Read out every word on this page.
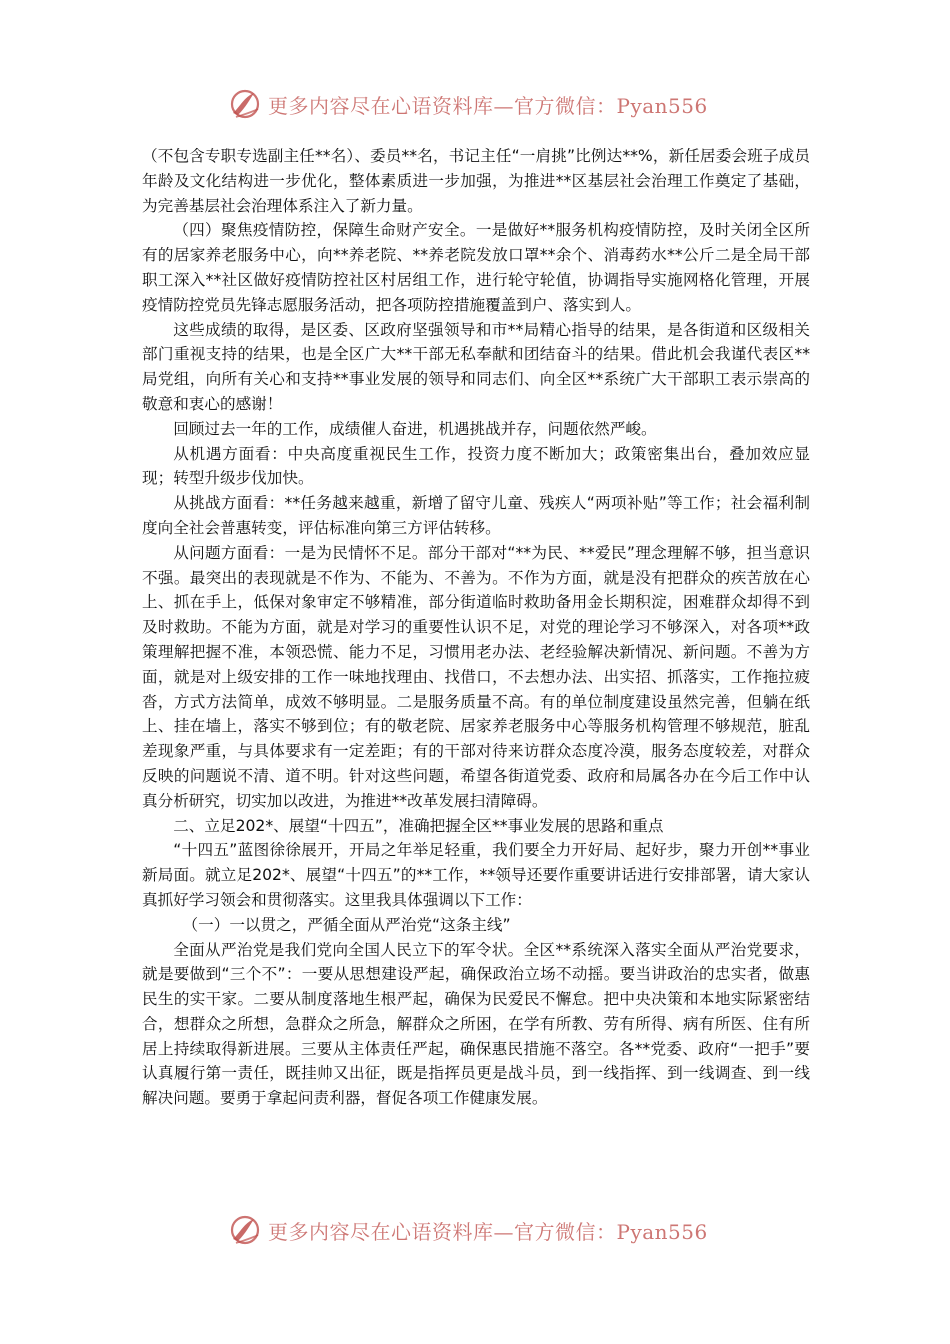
更多内容尽在心语资料库—官方微信：Pyan556

（不包含专职专选副主任**名）、委员**名，书记主任“一肩挑”比例达**%，新任居委会班子成员年龄及文化结构进一步优化，整体素质进一步加强，为推进**区基层社会治理工作奠定了基础，为完善基层社会治理体系注入了新力量。

（四）聚焦疫情防控，保障生命财产安全。一是做好**服务机构疫情防控，及时关闭全区所有的居家养老服务中心，向**养老院、**养老院发放口罩**余个、消毒药水**公斤二是全局干部职工深入**社区做好疫情防控社区村居组工作，进行轮守轮值，协调指导实施网格化管理，开展疫情防控党员先锋志愿服务活动，把各项防控措施覆盖到户、落实到人。

这些成绩的取得，是区委、区政府坚强领导和市**局精心指导的结果，是各街道和区级相关部门重视支持的结果，也是全区广大**干部无私奉献和团结奋斗的结果。借此机会我谨代表区**局党组，向所有关心和支持**事业发展的领导和同志们、向全区**系统广大干部职工表示崇高的敬意和衷心的感谢！

回顾过去一年的工作，成绩催人奋进，机遇挑战并存，问题依然严峻。

从机遇方面看：中央高度重视民生工作，投资力度不断加大；政策密集出台，叠加效应显现；转型升级步伐加快。

从挑战方面看：**任务越来越重，新增了留守儿童、残疾人“两项补贴”等工作；社会福利制度向全社会普惠转变，评估标准向第三方评估转移。

从问题方面看：一是为民情怀不足。部分干部对“**为民、**爱民”理念理解不够，担当意识不强。最突出的表现就是不作为、不能为、不善为。不作为方面，就是没有把群众的疾苦放在心上、抓在手上，低保对象审定不够精准，部分街道临时救助备用金长期积淀，困难群众却得不到及时救助。不能为方面，就是对学习的重要性认识不足，对党的理论学习不够深入，对各项**政策理解把握不准，本领恐慌、能力不足，习惯用老办法、老经验解决新情况、新问题。不善为方面，就是对上级安排的工作一味地找理由、找借口，不去想办法、出实招、抓落实，工作拖拉疲沓，方式方法简单，成效不够明显。二是服务质量不高。有的单位制度建设虽然完善，但躺在纸上、挂在墙上，落实不够到位；有的敬老院、居家养老服务中心等服务机构管理不够规范，脏乱差现象严重，与具体要求有一定差距；有的干部对待来访群众态度冷漠，服务态度较差，对群众反映的问题说不清、道不明。针对这些问题，希望各街道党委、政府和局属各办在今后工作中认真分析研究，切实加以改进，为推进**改革发展扫清障碍。

二、立足202*、展望“十四五”，准确把握全区**事业发展的思路和重点

“十四五”蓝图徐徐展开，开局之年举足轻重，我们要全力开好局、起好步，聚力开创**事业新局面。就立足202*、展望“十四五”的**工作，**领导还要作重要讲话进行安排部署，请大家认真抓好学习领会和贯彻落实。这里我具体强调以下工作：

（一）一以贯之，严循全面从严治党“这条主线”

全面从严治党是我们党向全国人民立下的军令状。全区**系统深入落实全面从严治党要求，就是要做到“三个不”：一要从思想建设严起，确保政治立场不动摇。要当讲政治的忠实者，做惠民生的实干家。二要从制度落地生根严起，确保为民爱民不懈怠。把中央决策和本地实际紧密结合，想群众之所想，急群众之所急，解群众之所困，在学有所教、劳有所得、病有所医、住有所居上持续取得新进展。三要从主体责任严起，确保惠民措施不落空。各**党委、政府“一把手”要认真履行第一责任，既挂帅又出征，既是指挥员更是战斗员，到一线指挥、到一线调查、到一线解决问题。要勇于拿起问责利器，督促各项工作健康发展。

更多内容尽在心语资料库—官方微信：Pyan556
